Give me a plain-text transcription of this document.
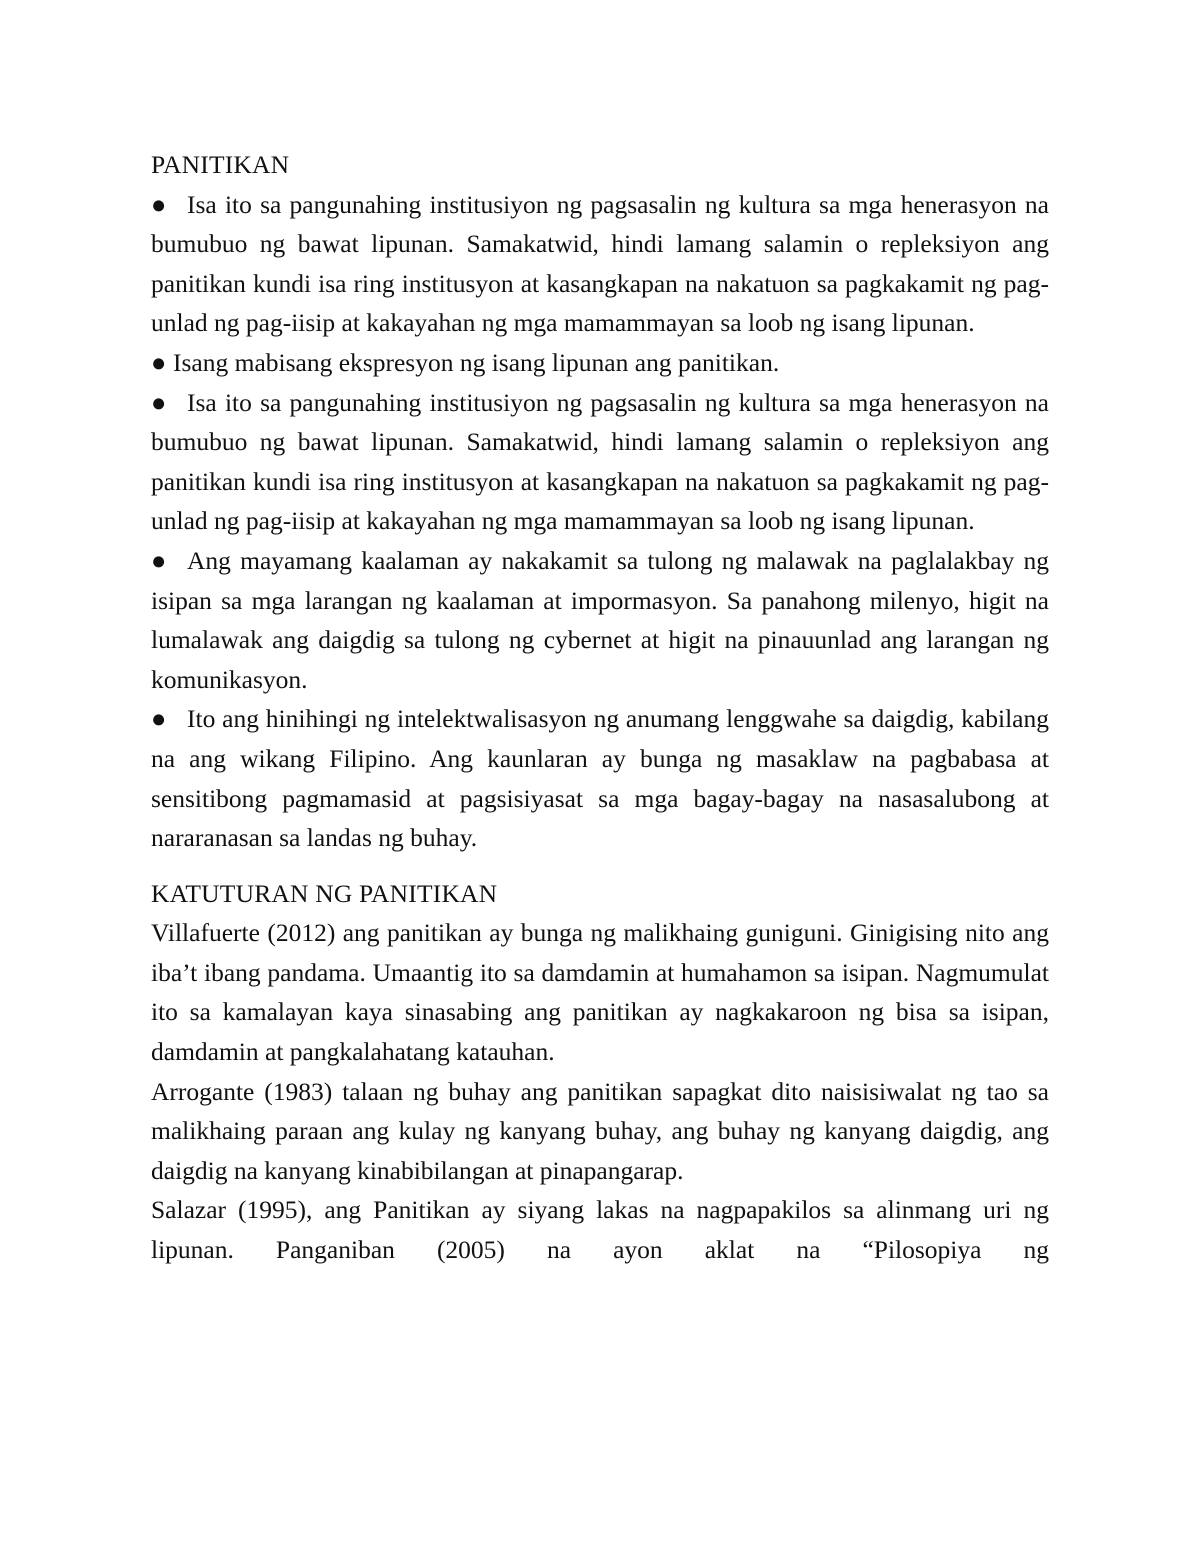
PANITIKAN

● Isa ito sa pangunahing institusiyon ng pagsasalin ng kultura sa mga henerasyon na bumubuo ng bawat lipunan. Samakatwid, hindi lamang salamin o repleksiyon ang panitikan kundi isa ring institusyon at kasangkapan na nakatuon sa pagkakamit ng pag-unlad ng pag-iisip at kakayahan ng mga mamammayan sa loob ng isang lipunan.

● Isang mabisang ekspresyon ng isang lipunan ang panitikan.

● Isa ito sa pangunahing institusiyon ng pagsasalin ng kultura sa mga henerasyon na bumubuo ng bawat lipunan. Samakatwid, hindi lamang salamin o repleksiyon ang panitikan kundi isa ring institusyon at kasangkapan na nakatuon sa pagkakamit ng pag-unlad ng pag-iisip at kakayahan ng mga mamammayan sa loob ng isang lipunan.

● Ang mayamang kaalaman ay nakakamit sa tulong ng malawak na paglalakbay ng isipan sa mga larangan ng kaalaman at impormasyon. Sa panahong milenyo, higit na lumalawak ang daigdig sa tulong ng cybernet at higit na pinauunlad ang larangan ng komunikasyon.

● Ito ang hinihingi ng intelektwalisasyon ng anumang lenggwahe sa daigdig, kabilang na ang wikang Filipino. Ang kaunlaran ay bunga ng masaklaw na pagbabasa at sensitibong pagmamasid at pagsisiyasat sa mga bagay-bagay na nasasalubong at nararanasan sa landas ng buhay.

KATUTURAN NG PANITIKAN

Villafuerte (2012) ang panitikan ay bunga ng malikhaing guniguni. Ginigising nito ang iba’t ibang pandama. Umaantig ito sa damdamin at humahamon sa isipan. Nagmumulat ito sa kamalayan kaya sinasabing ang panitikan ay nagkakaroon ng bisa sa isipan, damdamin at pangkalahatang katauhan.

Arrogante (1983) talaan ng buhay ang panitikan sapagkat dito naisisiwalat ng tao sa malikhaing paraan ang kulay ng kanyang buhay, ang buhay ng kanyang daigdig, ang daigdig na kanyang kinabibilangan at pinapangarap.

Salazar (1995), ang Panitikan ay siyang lakas na nagpapakilos sa alinmang uri ng lipunan. Panganiban (2005) na ayon aklat na “Pilosopiya ng
